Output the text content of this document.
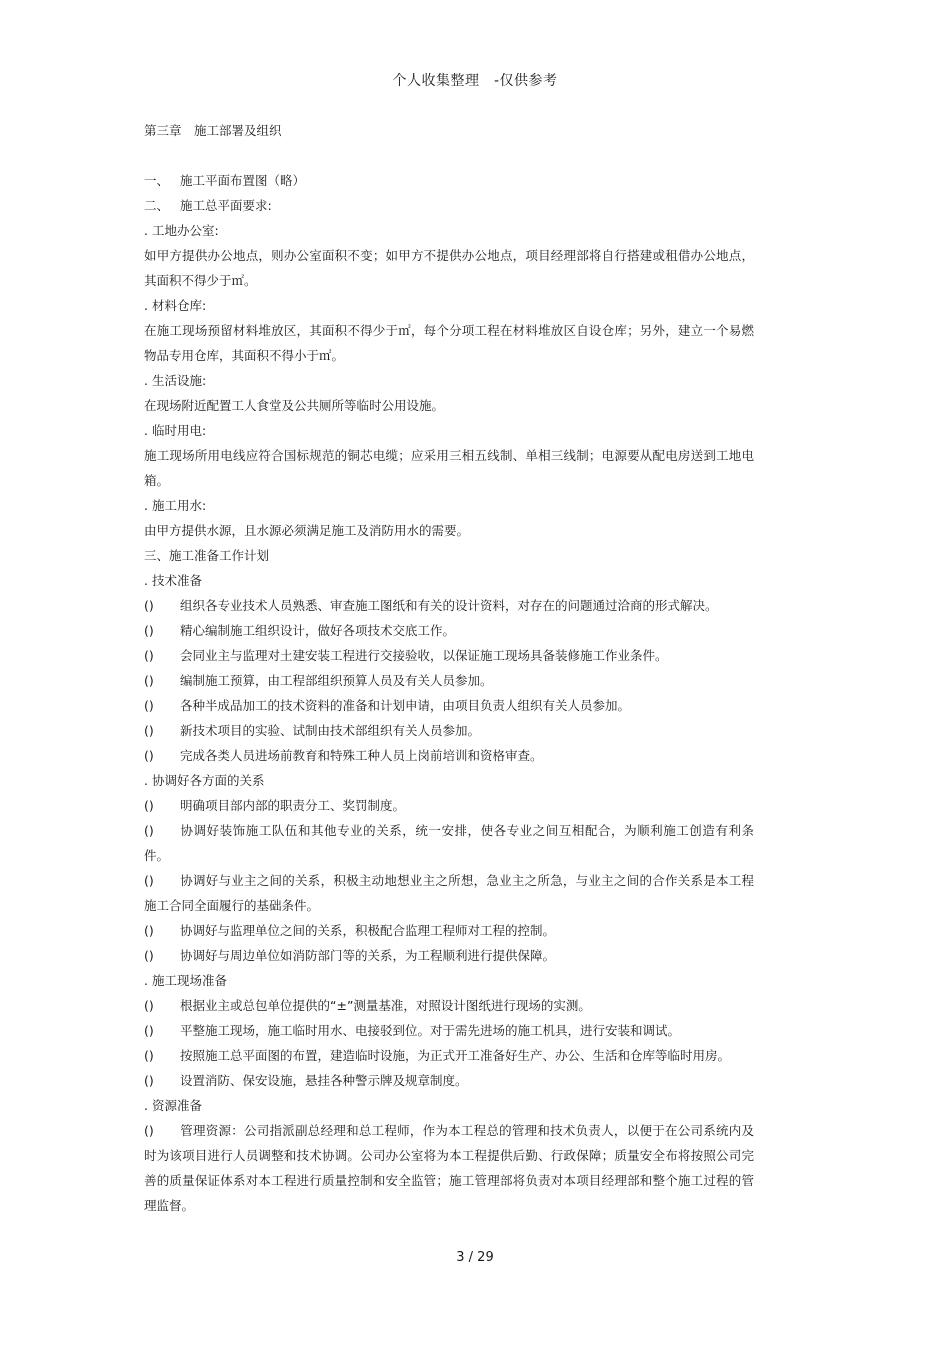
个人收集整理　-仅供参考
第三章　施工部署及组织
一、 施工平面布置图（略）
二、 施工总平面要求:
. 工地办公室:
如甲方提供办公地点，则办公室面积不变；如甲方不提供办公地点，项目经理部将自行搭建或租借办公地点，其面积不得少于㎡。
. 材料仓库:
在施工现场预留材料堆放区，其面积不得少于㎡，每个分项工程在材料堆放区自设仓库；另外，建立一个易燃物品专用仓库，其面积不得小于㎡。
. 生活设施:
在现场附近配置工人食堂及公共厕所等临时公用设施。
. 临时用电:
施工现场所用电线应符合国标规范的铜芯电缆；应采用三相五线制、单相三线制；电源要从配电房送到工地电箱。
. 施工用水:
由甲方提供水源，且水源必须满足施工及消防用水的需要。
三、施工准备工作计划
. 技术准备
() 组织各专业技术人员熟悉、审查施工图纸和有关的设计资料，对存在的问题通过洽商的形式解决。
() 精心编制施工组织设计，做好各项技术交底工作。
() 会同业主与监理对土建安装工程进行交接验收，以保证施工现场具备装修施工作业条件。
() 编制施工预算，由工程部组织预算人员及有关人员参加。
() 各种半成品加工的技术资料的准备和计划申请，由项目负责人组织有关人员参加。
() 新技术项目的实验、试制由技术部组织有关人员参加。
() 完成各类人员进场前教育和特殊工种人员上岗前培训和资格审查。
. 协调好各方面的关系
() 明确项目部内部的职责分工、奖罚制度。
() 协调好装饰施工队伍和其他专业的关系，统一安排，使各专业之间互相配合，为顺利施工创造有利条件。
() 协调好与业主之间的关系，积极主动地想业主之所想，急业主之所急，与业主之间的合作关系是本工程施工合同全面履行的基础条件。
() 协调好与监理单位之间的关系，积极配合监理工程师对工程的控制。
() 协调好与周边单位如消防部门等的关系，为工程顺利进行提供保障。
. 施工现场准备
() 根据业主或总包单位提供的“±”测量基准，对照设计图纸进行现场的实测。
() 平整施工现场，施工临时用水、电接驳到位。对于需先进场的施工机具，进行安装和调试。
() 按照施工总平面图的布置，建造临时设施，为正式开工准备好生产、办公、生活和仓库等临时用房。
() 设置消防、保安设施，悬挂各种警示牌及规章制度。
. 资源准备
() 管理资源：公司指派副总经理和总工程师，作为本工程总的管理和技术负责人，以便于在公司系统内及时为该项目进行人员调整和技术协调。公司办公室将为本工程提供后勤、行政保障；质量安全布将按照公司完善的质量保证体系对本工程进行质量控制和安全监管；施工管理部将负责对本项目经理部和整个施工过程的管理监督。
3 / 29
